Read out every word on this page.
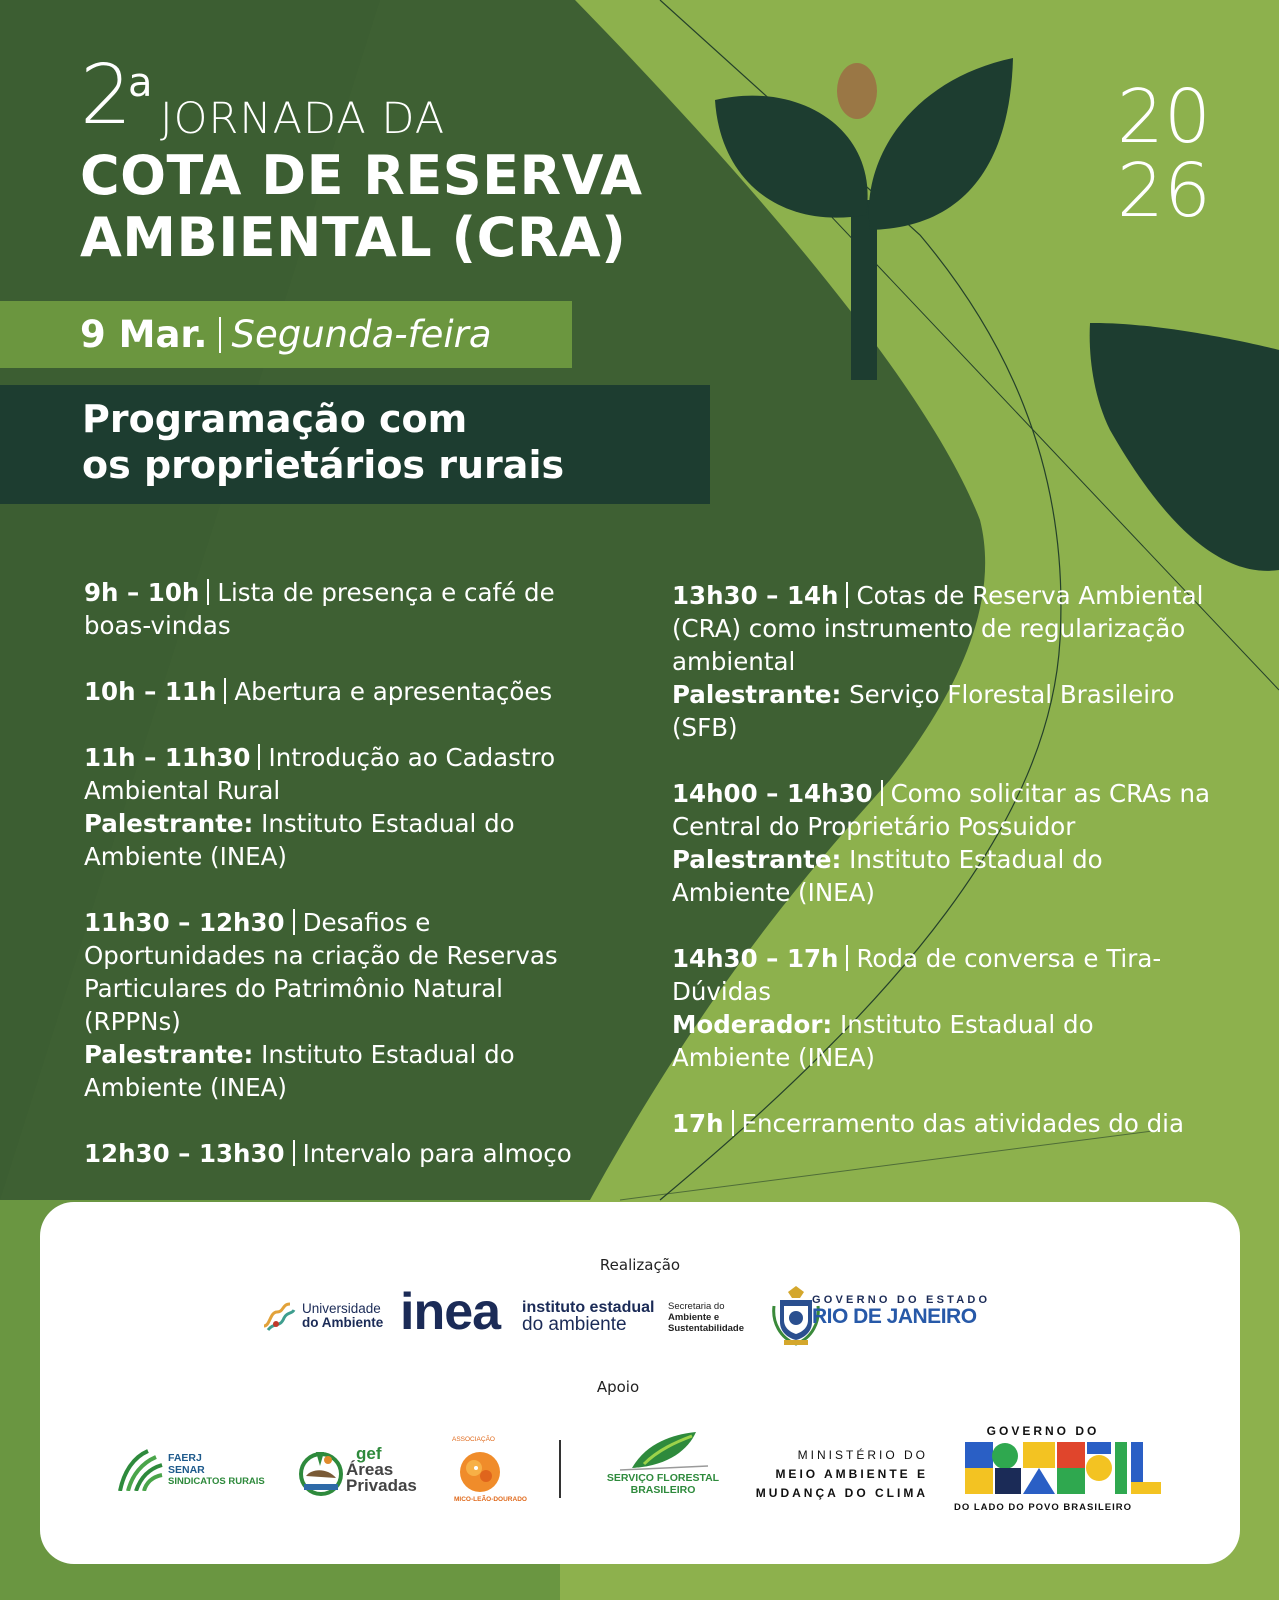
2
a
JORNADA DA
COTA DE RESERVA
AMBIENTAL (CRA)
20
26
9 Mar. Segunda-feira
Programação com
os proprietários rurais
9h – 10h Lista de presença e café de boas-vindas
10h – 11h Abertura e apresentações
11h – 11h30 Introdução ao Cadastro Ambiental Rural
Palestrante: Instituto Estadual do Ambiente (INEA)
11h30 – 12h30 Desafios e Oportunidades na criação de Reservas Particulares do Patrimônio Natural (RPPNs)
Palestrante: Instituto Estadual do Ambiente (INEA)
12h30 – 13h30 Intervalo para almoço
13h30 – 14h Cotas de Reserva Ambiental (CRA) como instrumento de regularização ambiental
Palestrante: Serviço Florestal Brasileiro (SFB)
14h00 – 14h30 Como solicitar as CRAs na Central do Proprietário Possuidor
Palestrante: Instituto Estadual do Ambiente (INEA)
14h30 – 17h Roda de conversa e Tira-Dúvidas
Moderador: Instituto Estadual do Ambiente (INEA)
17h Encerramento das atividades do dia
Realização
Universidade
do Ambiente inea instituto estadual
do ambiente
Secretaria do
Ambiente e
Sustentabilidade
GOVERNO DO ESTADO
RIO DE JANEIRO
Apoio
FAERJ
SENAR
SINDICATOS RURAIS
gef
Áreas
Privadas
ASSOCIAÇÃO
MICO-LEÃO-DOURADO
SERVIÇO FLORESTAL
BRASILEIRO
MINISTÉRIO DO
MEIO AMBIENTE E
MUDANÇA DO CLIMA
GOVERNO DO
DO LADO DO POVO BRASILEIRO
